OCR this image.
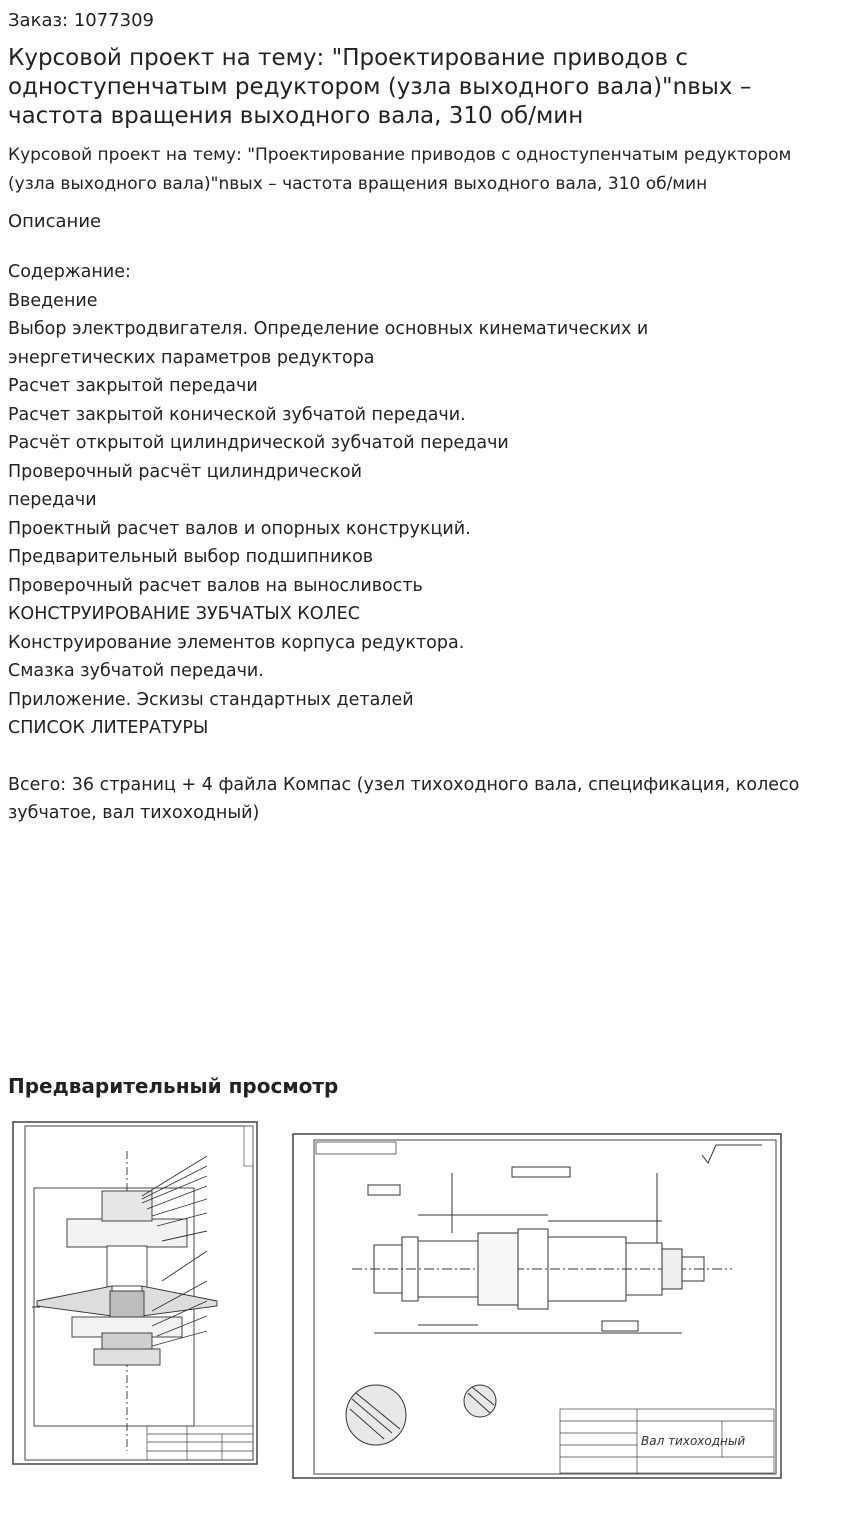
Заказ: 1077309
Курсовой проект на тему: "Проектирование приводов с одноступенчатым редуктором (узла выходного вала)"nвых – частота вращения выходного вала, 310 об/мин
Курсовой проект на тему: "Проектирование приводов с одноступенчатым редуктором (узла выходного вала)"nвых – частота вращения выходного вала, 310 об/мин
Описание
Содержание:
Введение
Выбор электродвигателя. Определение основных кинематических и
энергетических параметров редуктора
Расчет закрытой передачи
Расчет закрытой конической зубчатой передачи.
Расчёт открытой цилиндрической зубчатой передачи
Проверочный расчёт цилиндрической
передачи
Проектный расчет валов и опорных конструкций.
Предварительный выбор подшипников
Проверочный расчет валов на выносливость
КОНСТРУИРОВАНИЕ ЗУБЧАТЫХ КОЛЕС
Конструирование элементов корпуса редуктора.
Смазка зубчатой передачи.
Приложение. Эскизы стандартных деталей
СПИСОК ЛИТЕРАТУРЫ
Всего: 36 страниц + 4 файла Компас (узел тихоходного вала, спецификация, колесо зубчатое, вал тихоходный)
Предварительный просмотр
Вал тихоходный
